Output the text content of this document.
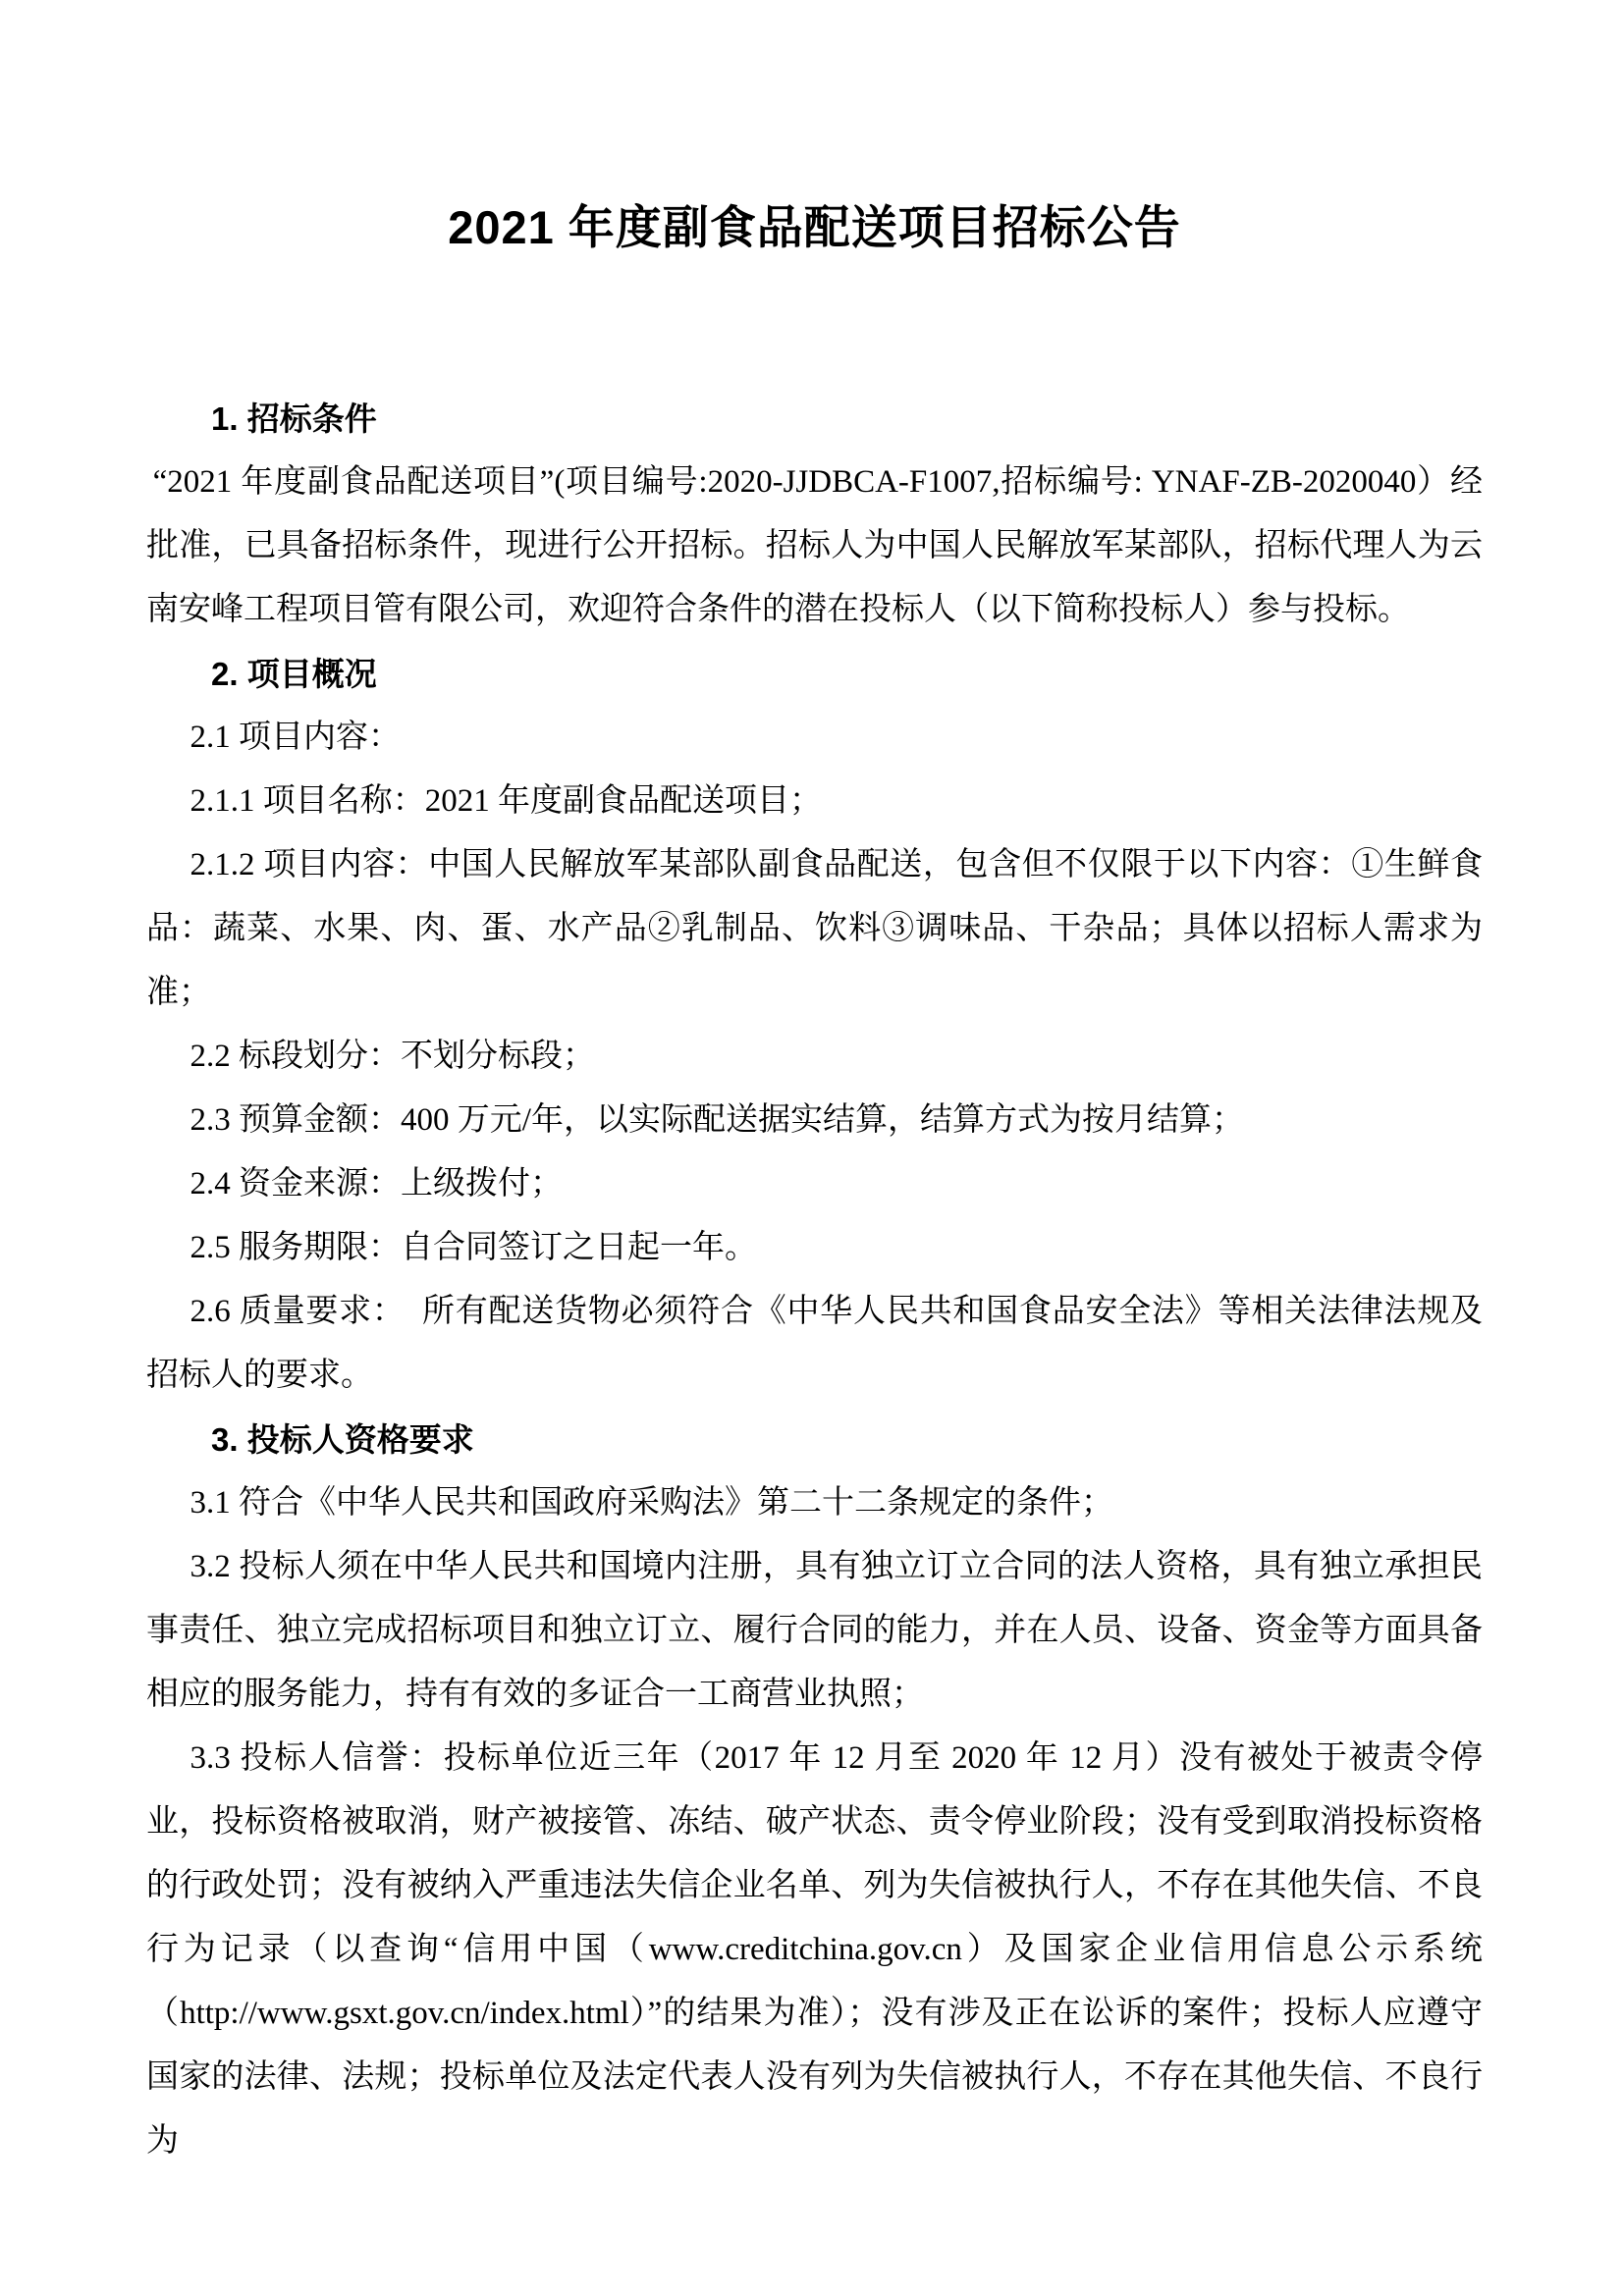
2021 年度副食品配送项目招标公告
1. 招标条件
“2021 年度副食品配送项目”(项目编号:2020-JJDBCA-F1007,招标编号: YNAF-ZB-2020040）经批准，已具备招标条件，现进行公开招标。招标人为中国人民解放军某部队，招标代理人为云南安峰工程项目管有限公司，欢迎符合条件的潜在投标人（以下简称投标人）参与投标。
2. 项目概况
2.1 项目内容：
2.1.1 项目名称：2021 年度副食品配送项目；
2.1.2 项目内容：中国人民解放军某部队副食品配送，包含但不仅限于以下内容：①生鲜食品：蔬菜、水果、肉、蛋、水产品②乳制品、饮料③调味品、干杂品；具体以招标人需求为准；
2.2 标段划分：不划分标段；
2.3 预算金额：400 万元/年，以实际配送据实结算，结算方式为按月结算；
2.4 资金来源：上级拨付；
2.5 服务期限：自合同签订之日起一年。
2.6 质量要求：　所有配送货物必须符合《中华人民共和国食品安全法》等相关法律法规及招标人的要求。
3. 投标人资格要求
3.1 符合《中华人民共和国政府采购法》第二十二条规定的条件；
3.2 投标人须在中华人民共和国境内注册，具有独立订立合同的法人资格，具有独立承担民事责任、独立完成招标项目和独立订立、履行合同的能力，并在人员、设备、资金等方面具备相应的服务能力，持有有效的多证合一工商营业执照；
3.3 投标人信誉：投标单位近三年（2017 年 12 月至 2020 年 12 月）没有被处于被责令停业，投标资格被取消，财产被接管、冻结、破产状态、责令停业阶段；没有受到取消投标资格的行政处罚；没有被纳入严重违法失信企业名单、列为失信被执行人，不存在其他失信、不良行为记录（以查询“信用中国（www.creditchina.gov.cn）及国家企业信用信息公示系统（http://www.gsxt.gov.cn/index.html）”的结果为准）；没有涉及正在讼诉的案件；投标人应遵守国家的法律、法规；投标单位及法定代表人没有列为失信被执行人，不存在其他失信、不良行为
